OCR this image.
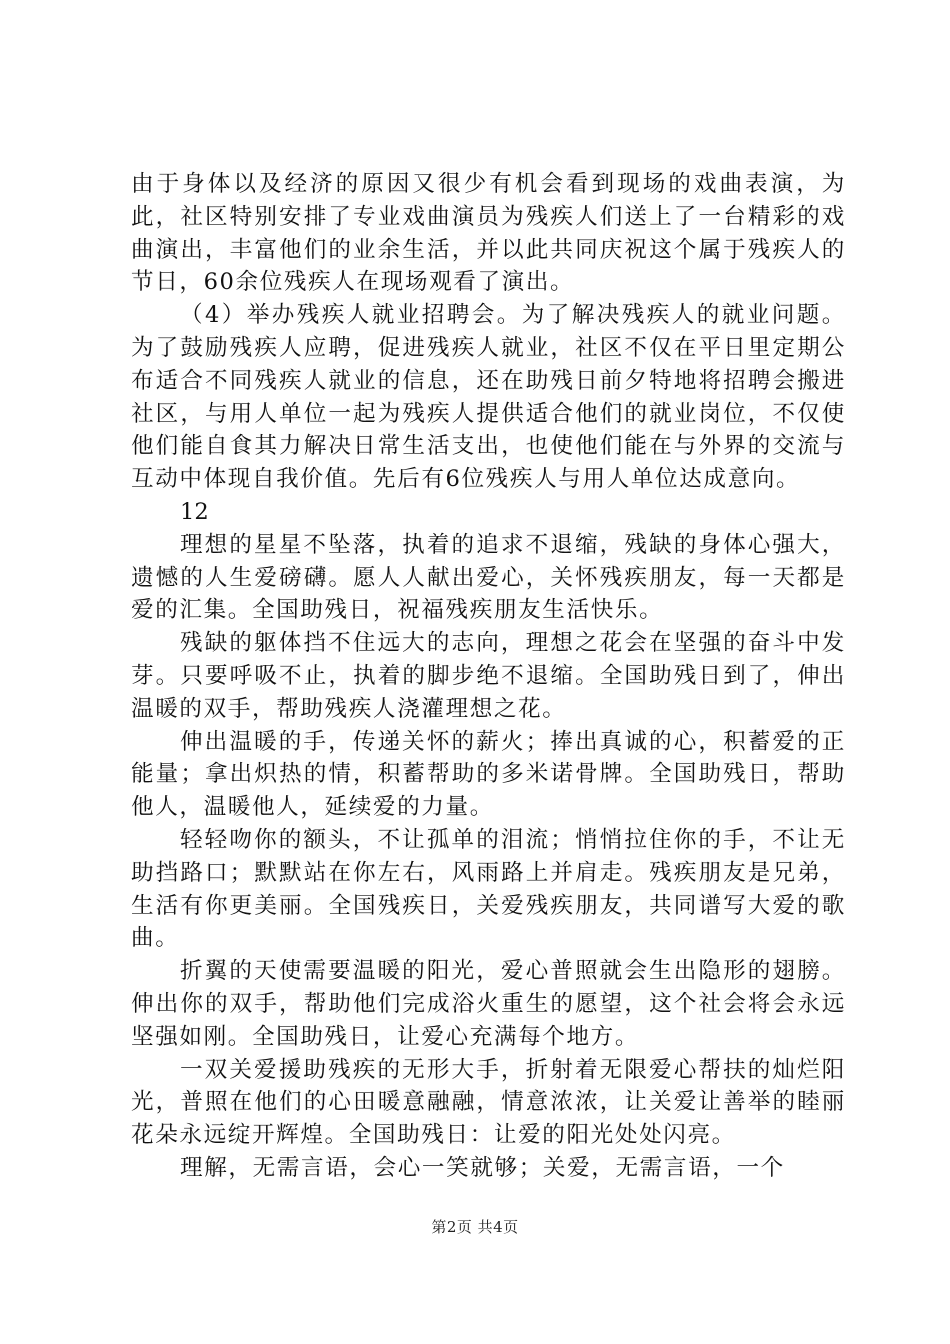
由于身体以及经济的原因又很少有机会看到现场的戏曲表演，为此，社区特别安排了专业戏曲演员为残疾人们送上了一台精彩的戏曲演出，丰富他们的业余生活，并以此共同庆祝这个属于残疾人的节日，60余位残疾人在现场观看了演出。

（4）举办残疾人就业招聘会。为了解决残疾人的就业问题。为了鼓励残疾人应聘，促进残疾人就业，社区不仅在平日里定期公布适合不同残疾人就业的信息，还在助残日前夕特地将招聘会搬进社区，与用人单位一起为残疾人提供适合他们的就业岗位，不仅使他们能自食其力解决日常生活支出，也使他们能在与外界的交流与互动中体现自我价值。先后有6位残疾人与用人单位达成意向。

12

理想的星星不坠落，执着的追求不退缩，残缺的身体心强大，遗憾的人生爱磅礴。愿人人献出爱心，关怀残疾朋友，每一天都是爱的汇集。全国助残日，祝福残疾朋友生活快乐。

残缺的躯体挡不住远大的志向，理想之花会在坚强的奋斗中发芽。只要呼吸不止，执着的脚步绝不退缩。全国助残日到了，伸出温暖的双手，帮助残疾人浇灌理想之花。

伸出温暖的手，传递关怀的薪火；捧出真诚的心，积蓄爱的正能量；拿出炽热的情，积蓄帮助的多米诺骨牌。全国助残日，帮助他人，温暖他人，延续爱的力量。

轻轻吻你的额头，不让孤单的泪流；悄悄拉住你的手，不让无助挡路口；默默站在你左右，风雨路上并肩走。残疾朋友是兄弟，生活有你更美丽。全国残疾日，关爱残疾朋友，共同谱写大爱的歌曲。

折翼的天使需要温暖的阳光，爱心普照就会生出隐形的翅膀。伸出你的双手，帮助他们完成浴火重生的愿望，这个社会将会永远坚强如刚。全国助残日，让爱心充满每个地方。

一双关爱援助残疾的无形大手，折射着无限爱心帮扶的灿烂阳光，普照在他们的心田暖意融融，情意浓浓，让关爱让善举的睦丽花朵永远绽开辉煌。全国助残日：让爱的阳光处处闪亮。

理解，无需言语，会心一笑就够；关爱，无需言语，一个

第2页 共4页
